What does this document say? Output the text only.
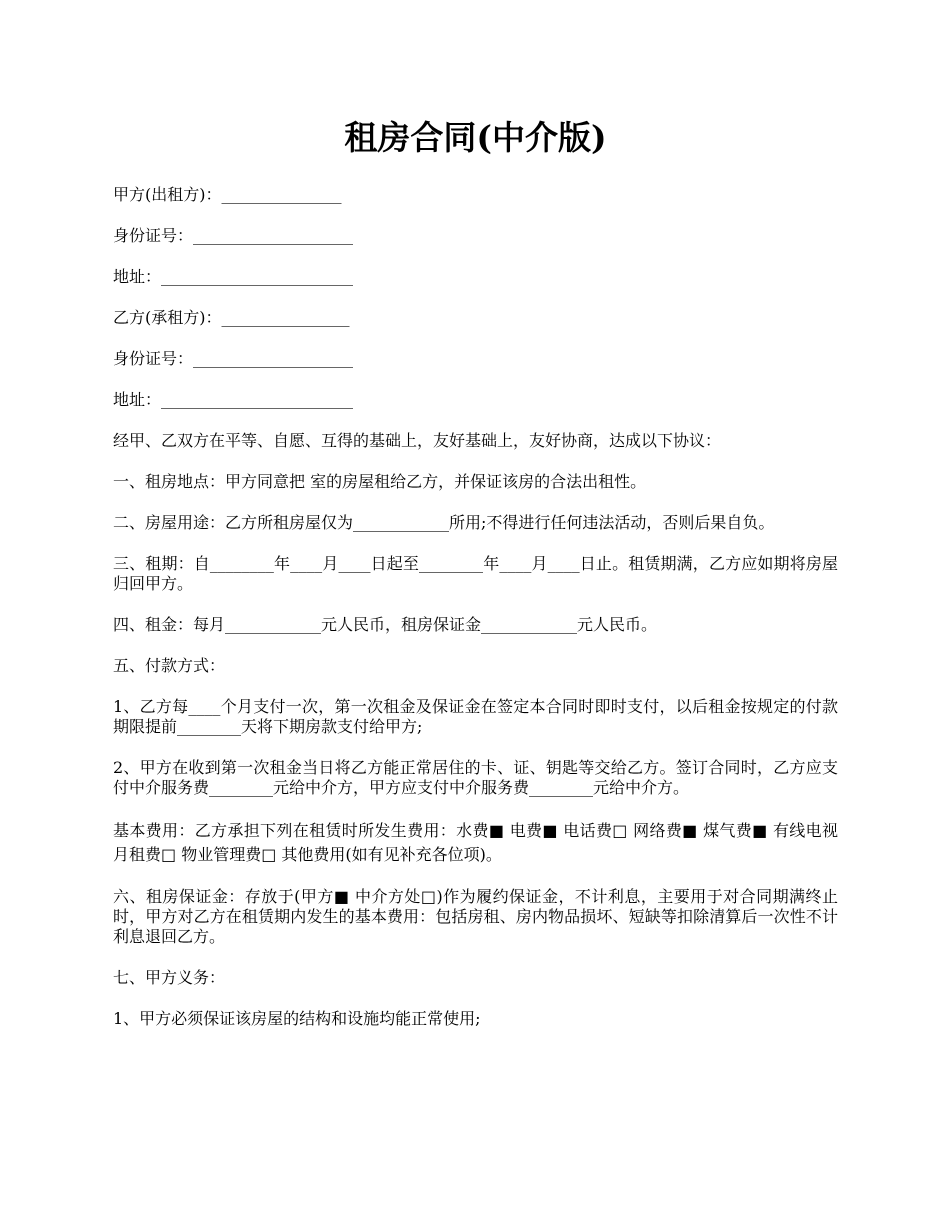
租房合同(中介版)

甲方(出租方)：_______________

身份证号：____________________

地址：________________________

乙方(承租方)：________________

身份证号：____________________

地址：________________________

经甲、乙双方在平等、自愿、互得的基础上，友好基础上，友好协商，达成以下协议：

一、租房地点：甲方同意把 室的房屋租给乙方，并保证该房的合法出租性。

二、房屋用途：乙方所租房屋仅为____________所用;不得进行任何违法活动，否则后果自负。

三、租期：自________年____月____日起至________年____月____日止。租赁期满，乙方应如期将房屋归回甲方。

四、租金：每月____________元人民币，租房保证金____________元人民币。

五、付款方式：

1、乙方每____个月支付一次，第一次租金及保证金在签定本合同时即时支付，以后租金按规定的付款期限提前________天将下期房款支付给甲方;

2、甲方在收到第一次租金当日将乙方能正常居住的卡、证、钥匙等交给乙方。签订合同时，乙方应支付中介服务费________元给中介方，甲方应支付中介服务费________元给中介方。

基本费用：乙方承担下列在租赁时所发生费用：水费■ 电费■ 电话费□ 网络费■ 煤气费■ 有线电视月租费□ 物业管理费□ 其他费用(如有见补充各位项)。

六、租房保证金：存放于(甲方■ 中介方处□)作为履约保证金，不计利息，主要用于对合同期满终止时，甲方对乙方在租赁期内发生的基本费用：包括房租、房内物品损坏、短缺等扣除清算后一次性不计利息退回乙方。

七、甲方义务：

1、甲方必须保证该房屋的结构和设施均能正常使用;
